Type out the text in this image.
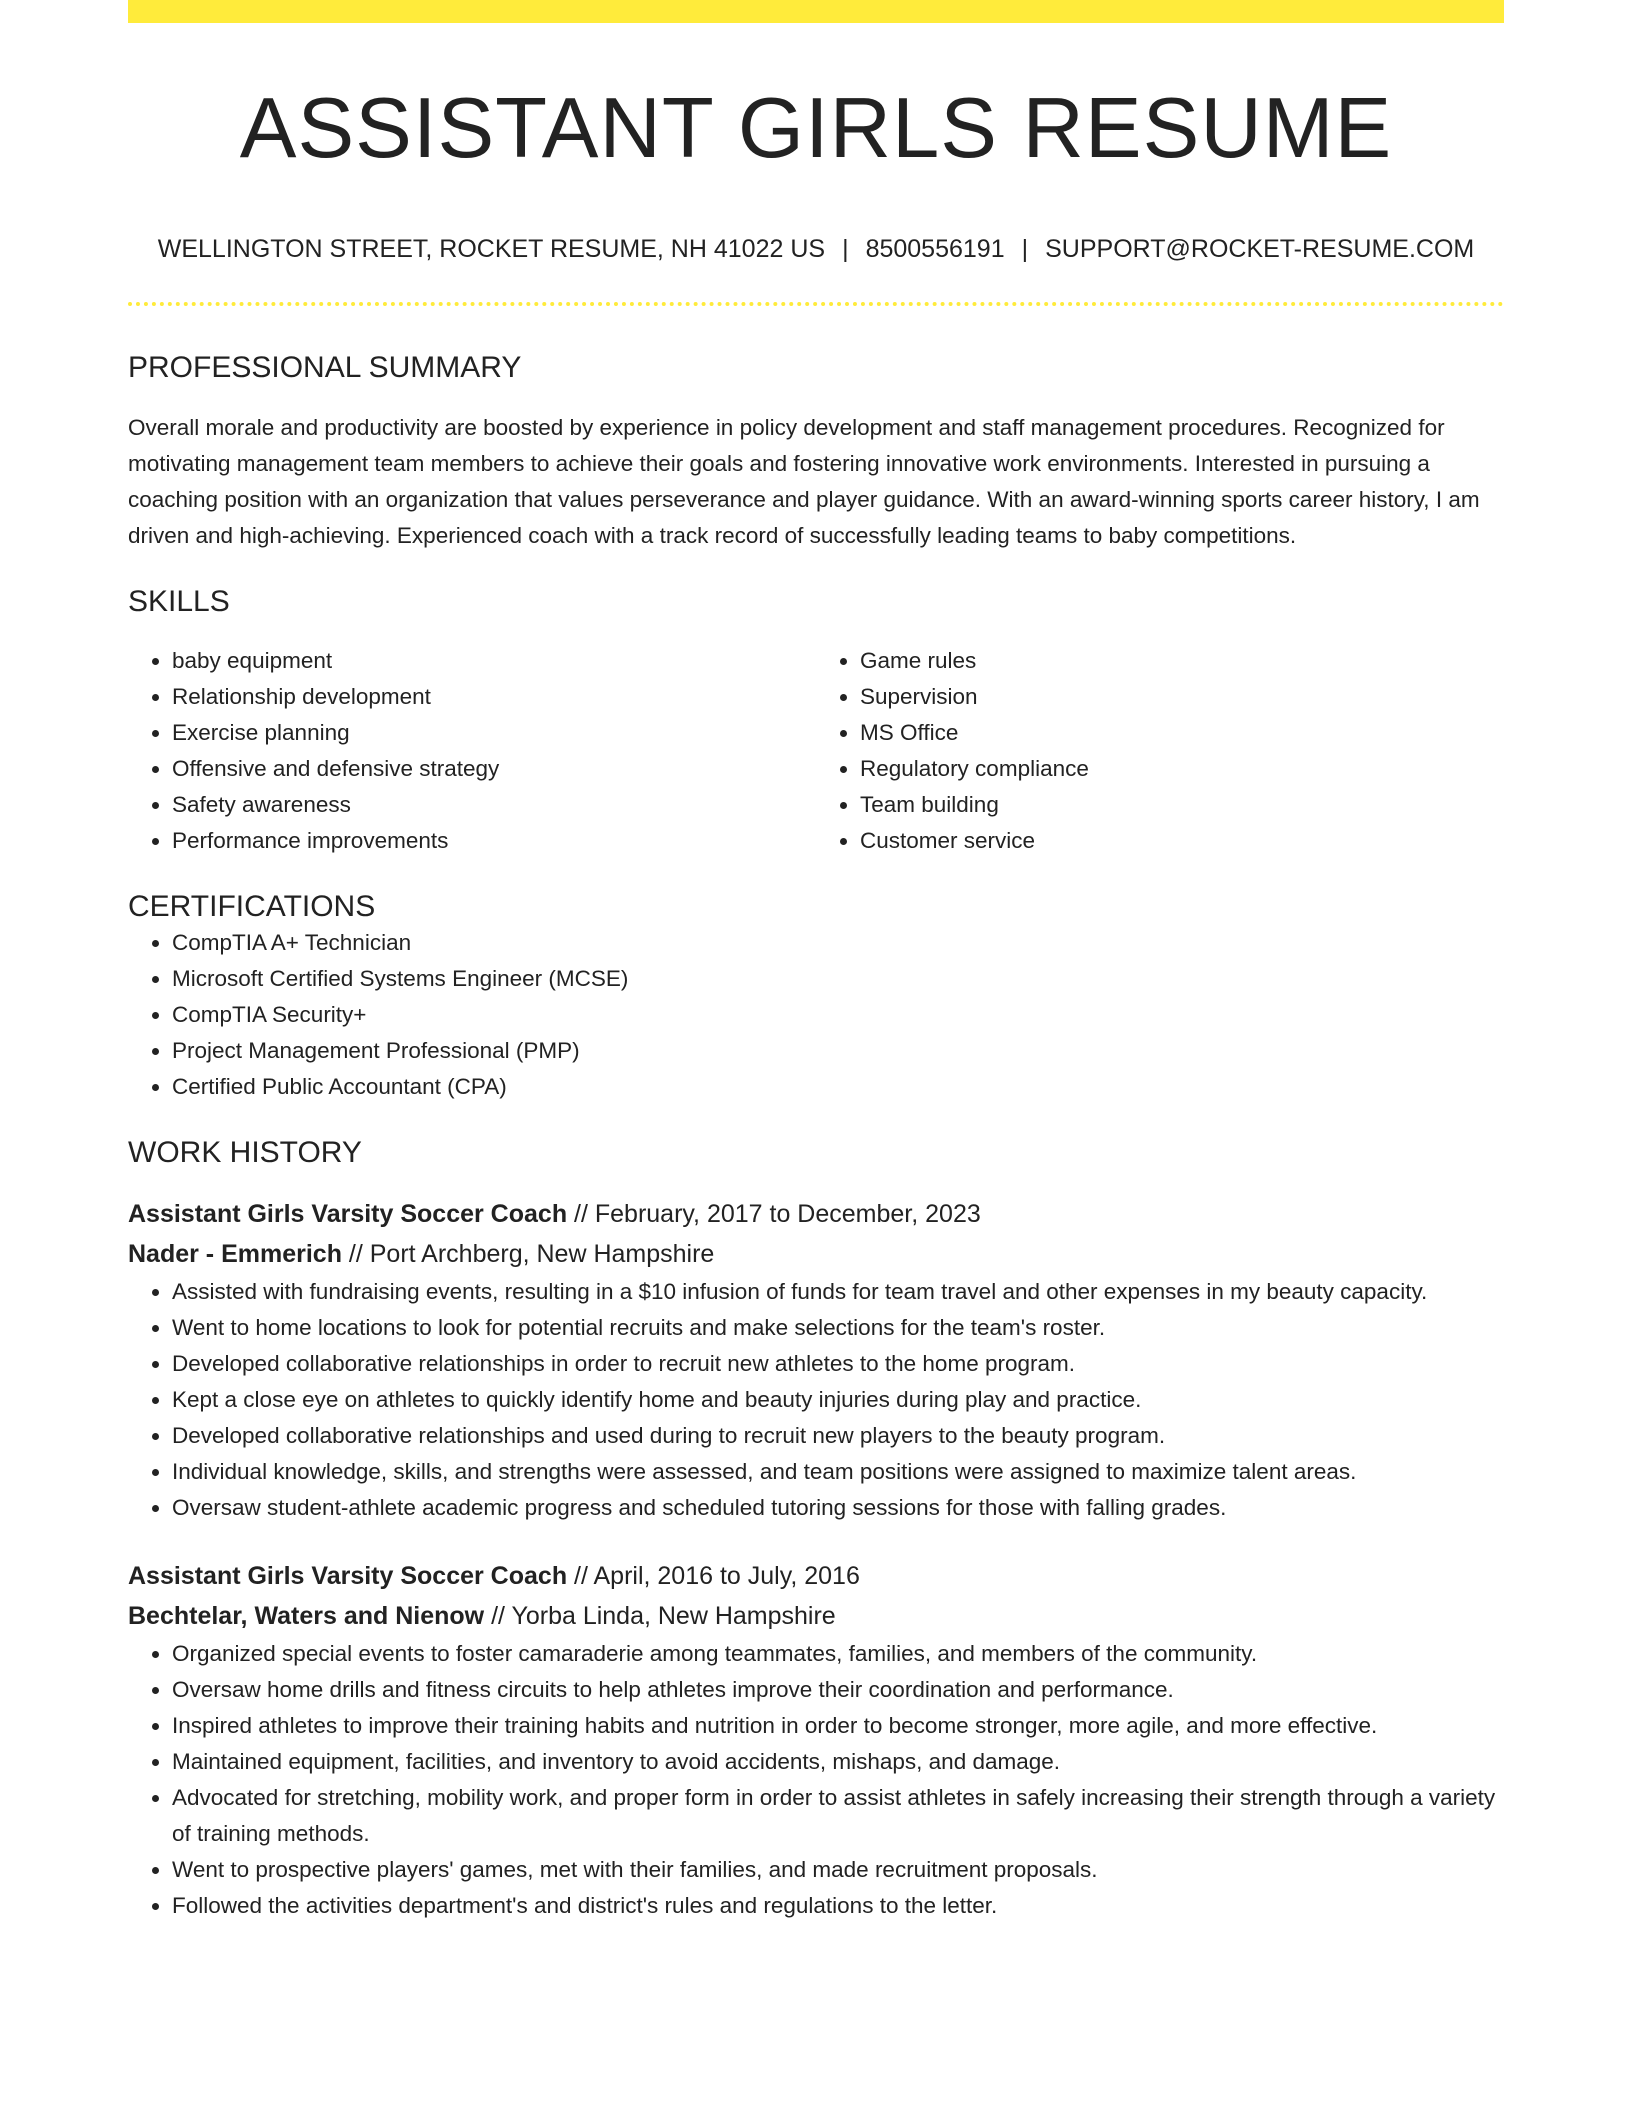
ASSISTANT GIRLS RESUME
WELLINGTON STREET, ROCKET RESUME, NH 41022 US | 8500556191 | SUPPORT@ROCKET-RESUME.COM
PROFESSIONAL SUMMARY
Overall morale and productivity are boosted by experience in policy development and staff management procedures. Recognized for motivating management team members to achieve their goals and fostering innovative work environments. Interested in pursuing a coaching position with an organization that values perseverance and player guidance. With an award-winning sports career history, I am driven and high-achieving. Experienced coach with a track record of successfully leading teams to baby competitions.
SKILLS
• baby equipment
• Relationship development
• Exercise planning
• Offensive and defensive strategy
• Safety awareness
• Performance improvements
• Game rules
• Supervision
• MS Office
• Regulatory compliance
• Team building
• Customer service
CERTIFICATIONS
• CompTIA A+ Technician
• Microsoft Certified Systems Engineer (MCSE)
• CompTIA Security+
• Project Management Professional (PMP)
• Certified Public Accountant (CPA)
WORK HISTORY
Assistant Girls Varsity Soccer Coach // February, 2017 to December, 2023
Nader - Emmerich // Port Archberg, New Hampshire
• Assisted with fundraising events, resulting in a $10 infusion of funds for team travel and other expenses in my beauty capacity.
• Went to home locations to look for potential recruits and make selections for the team's roster.
• Developed collaborative relationships in order to recruit new athletes to the home program.
• Kept a close eye on athletes to quickly identify home and beauty injuries during play and practice.
• Developed collaborative relationships and used during to recruit new players to the beauty program.
• Individual knowledge, skills, and strengths were assessed, and team positions were assigned to maximize talent areas.
• Oversaw student-athlete academic progress and scheduled tutoring sessions for those with falling grades.
Assistant Girls Varsity Soccer Coach // April, 2016 to July, 2016
Bechtelar, Waters and Nienow // Yorba Linda, New Hampshire
• Organized special events to foster camaraderie among teammates, families, and members of the community.
• Oversaw home drills and fitness circuits to help athletes improve their coordination and performance.
• Inspired athletes to improve their training habits and nutrition in order to become stronger, more agile, and more effective.
• Maintained equipment, facilities, and inventory to avoid accidents, mishaps, and damage.
• Advocated for stretching, mobility work, and proper form in order to assist athletes in safely increasing their strength through a variety of training methods.
• Went to prospective players' games, met with their families, and made recruitment proposals.
• Followed the activities department's and district's rules and regulations to the letter.
